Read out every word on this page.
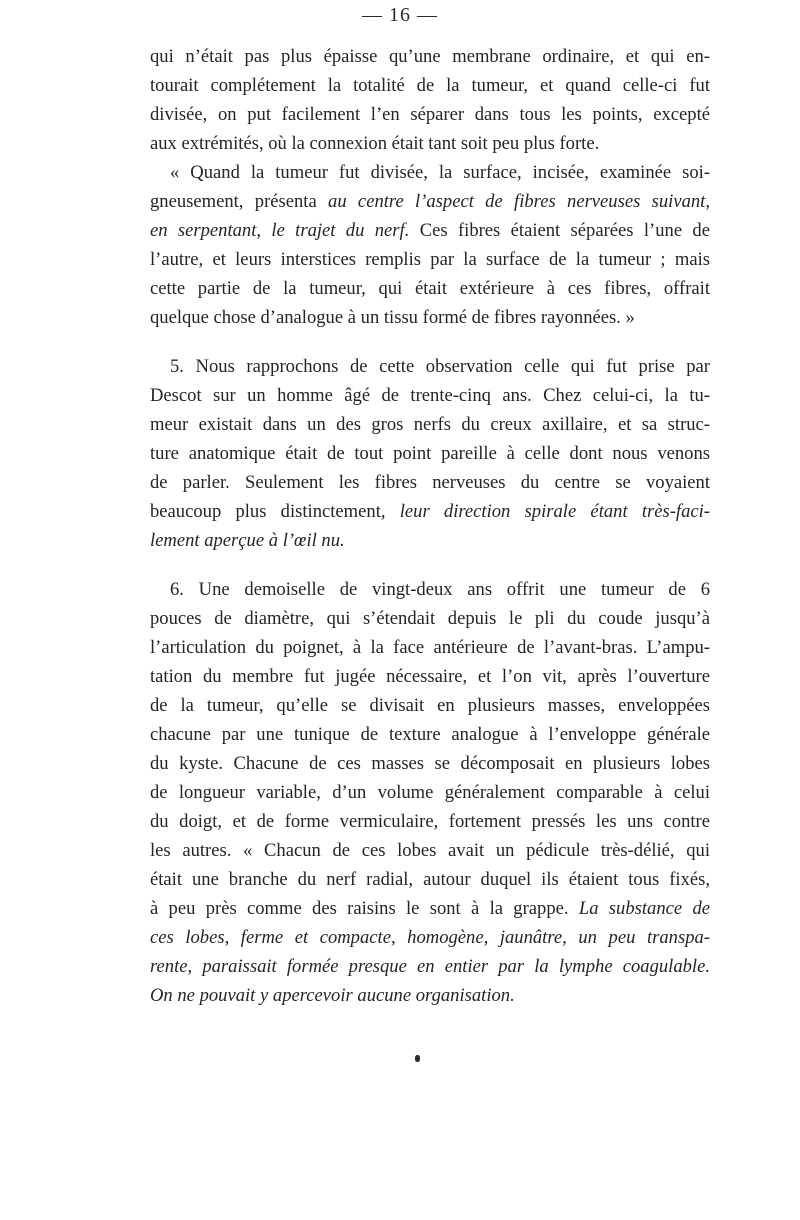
— 16 —
qui n’était pas plus épaisse qu’une membrane ordinaire, et qui en-
tourait complétement la totalité de la tumeur, et quand celle-ci fut
divisée, on put facilement l’en séparer dans tous les points, excepté
aux extrémités, où la connexion était tant soit peu plus forte.
« Quand la tumeur fut divisée, la surface, incisée, examinée soi-
gneusement, présenta au centre l’aspect de fibres nerveuses suivant,
en serpentant, le trajet du nerf. Ces fibres étaient séparées l’une de
l’autre, et leurs interstices remplis par la surface de la tumeur ; mais
cette partie de la tumeur, qui était extérieure à ces fibres, offrait
quelque chose d’analogue à un tissu formé de fibres rayonnées. »
5. Nous rapprochons de cette observation celle qui fut prise par
Descot sur un homme âgé de trente-cinq ans. Chez celui-ci, la tu-
meur existait dans un des gros nerfs du creux axillaire, et sa struc-
ture anatomique était de tout point pareille à celle dont nous venons
de parler. Seulement les fibres nerveuses du centre se voyaient
beaucoup plus distinctement, leur direction spirale étant très-faci-
lement aperçue à l’œil nu.
6. Une demoiselle de vingt-deux ans offrit une tumeur de 6
pouces de diamètre, qui s’étendait depuis le pli du coude jusqu’à
l’articulation du poignet, à la face antérieure de l’avant-bras. L’ampu-
tation du membre fut jugée nécessaire, et l’on vit, après l’ouverture
de la tumeur, qu’elle se divisait en plusieurs masses, enveloppées
chacune par une tunique de texture analogue à l’enveloppe générale
du kyste. Chacune de ces masses se décomposait en plusieurs lobes
de longueur variable, d’un volume généralement comparable à celui
du doigt, et de forme vermiculaire, fortement pressés les uns contre
les autres. « Chacun de ces lobes avait un pédicule très-délié, qui
était une branche du nerf radial, autour duquel ils étaient tous fixés,
à peu près comme des raisins le sont à la grappe. La substance de
ces lobes, ferme et compacte, homogène, jaunâtre, un peu transpa-
rente, paraissait formée presque en entier par la lymphe coagulable.
On ne pouvait y apercevoir aucune organisation.
